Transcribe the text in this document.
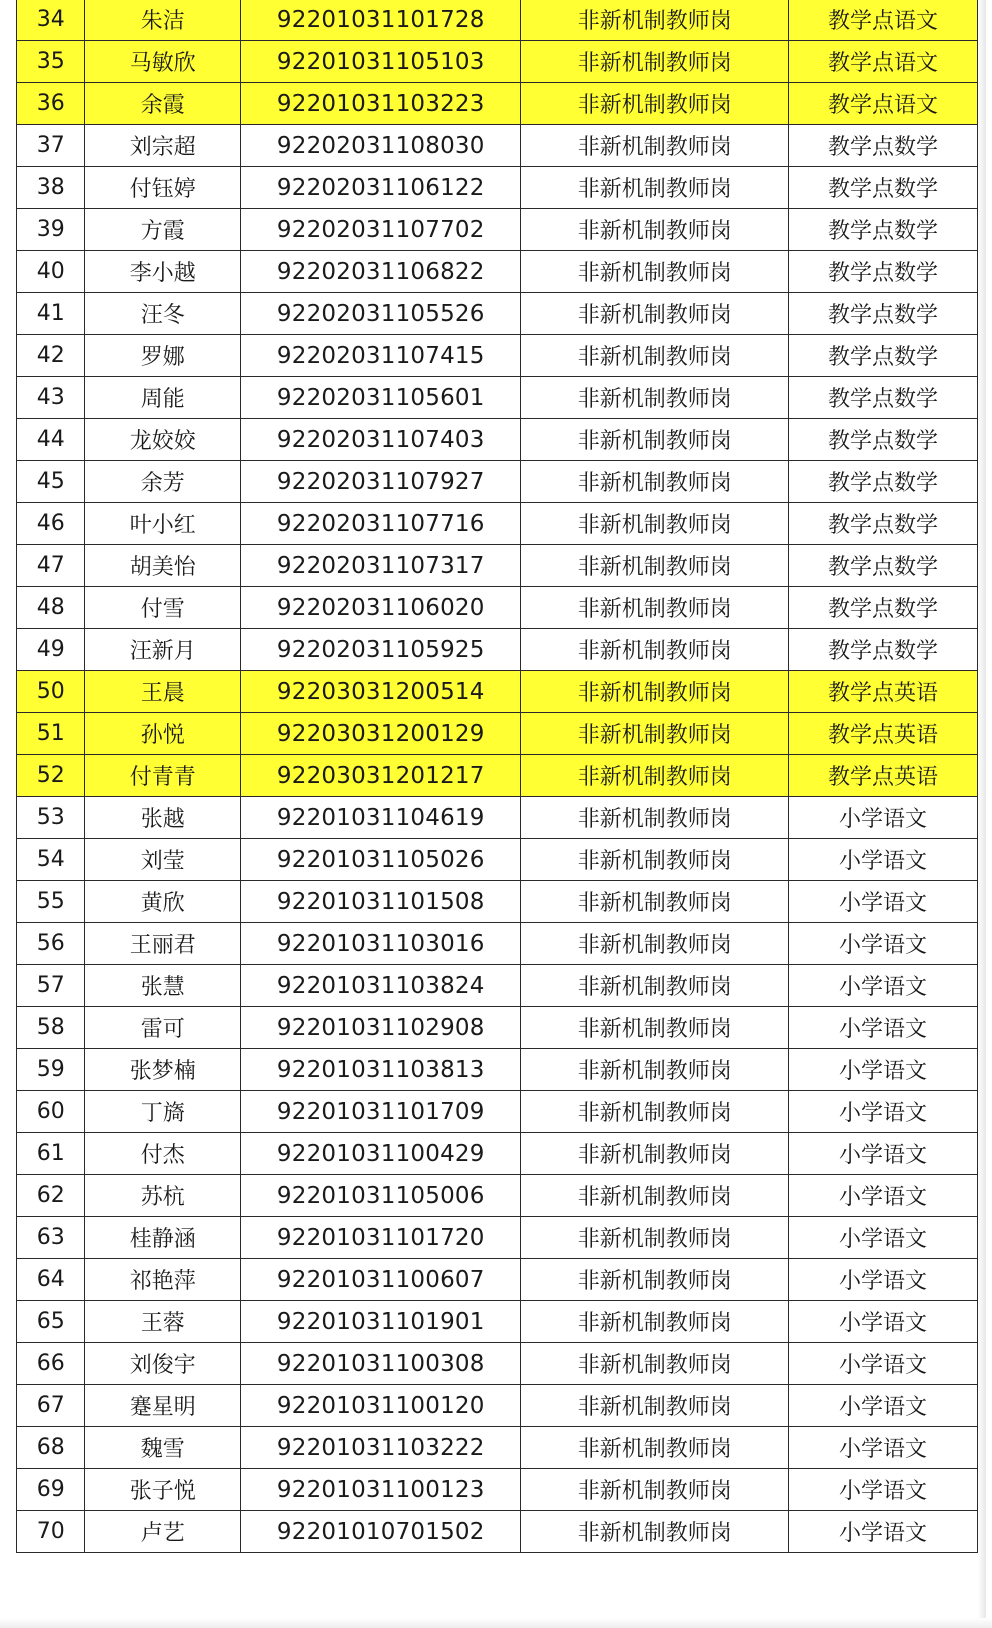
34	朱洁	92201031101728	非新机制教师岗	教学点语文
35	马敏欣	92201031105103	非新机制教师岗	教学点语文
36	余霞	92201031103223	非新机制教师岗	教学点语文
37	刘宗超	92202031108030	非新机制教师岗	教学点数学
38	付钰婷	92202031106122	非新机制教师岗	教学点数学
39	方霞	92202031107702	非新机制教师岗	教学点数学
40	李小越	92202031106822	非新机制教师岗	教学点数学
41	汪冬	92202031105526	非新机制教师岗	教学点数学
42	罗娜	92202031107415	非新机制教师岗	教学点数学
43	周能	92202031105601	非新机制教师岗	教学点数学
44	龙姣姣	92202031107403	非新机制教师岗	教学点数学
45	余芳	92202031107927	非新机制教师岗	教学点数学
46	叶小红	92202031107716	非新机制教师岗	教学点数学
47	胡美怡	92202031107317	非新机制教师岗	教学点数学
48	付雪	92202031106020	非新机制教师岗	教学点数学
49	汪新月	92202031105925	非新机制教师岗	教学点数学
50	王晨	92203031200514	非新机制教师岗	教学点英语
51	孙悦	92203031200129	非新机制教师岗	教学点英语
52	付青青	92203031201217	非新机制教师岗	教学点英语
53	张越	92201031104619	非新机制教师岗	小学语文
54	刘莹	92201031105026	非新机制教师岗	小学语文
55	黄欣	92201031101508	非新机制教师岗	小学语文
56	王丽君	92201031103016	非新机制教师岗	小学语文
57	张慧	92201031103824	非新机制教师岗	小学语文
58	雷可	92201031102908	非新机制教师岗	小学语文
59	张梦楠	92201031103813	非新机制教师岗	小学语文
60	丁旖	92201031101709	非新机制教师岗	小学语文
61	付杰	92201031100429	非新机制教师岗	小学语文
62	苏杭	92201031105006	非新机制教师岗	小学语文
63	桂静涵	92201031101720	非新机制教师岗	小学语文
64	祁艳萍	92201031100607	非新机制教师岗	小学语文
65	王蓉	92201031101901	非新机制教师岗	小学语文
66	刘俊宇	92201031100308	非新机制教师岗	小学语文
67	蹇星明	92201031100120	非新机制教师岗	小学语文
68	魏雪	92201031103222	非新机制教师岗	小学语文
69	张子悦	92201031100123	非新机制教师岗	小学语文
70	卢艺	92201010701502	非新机制教师岗	小学语文
